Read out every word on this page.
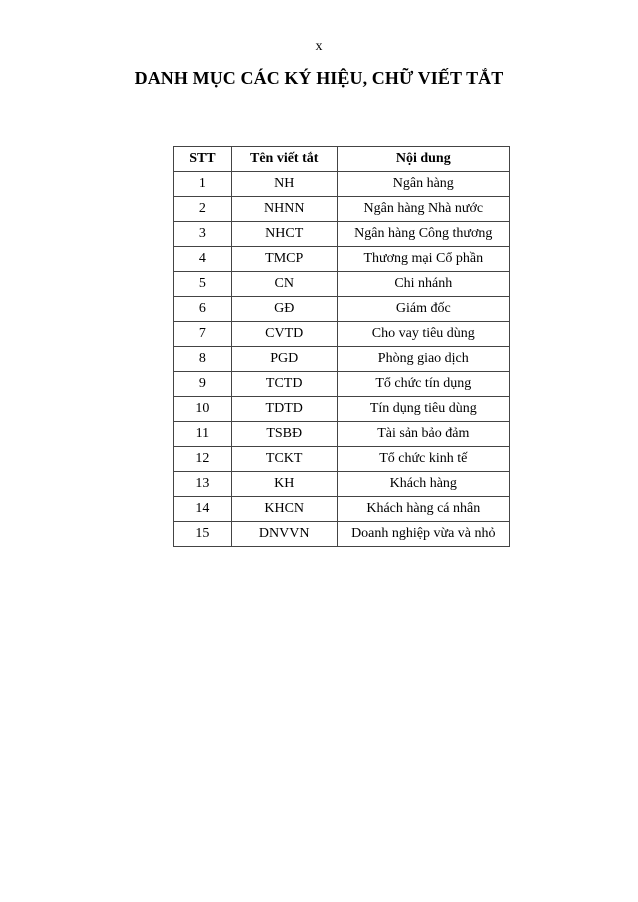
x
DANH MỤC CÁC KÝ HIỆU, CHỮ VIẾT TẮT
STT	Tên viết tắt	Nội dung
1	NH	Ngân hàng
2	NHNN	Ngân hàng Nhà nước
3	NHCT	Ngân hàng Công thương
4	TMCP	Thương mại Cổ phần
5	CN	Chi nhánh
6	GĐ	Giám đốc
7	CVTD	Cho vay tiêu dùng
8	PGD	Phòng giao dịch
9	TCTD	Tổ chức tín dụng
10	TDTD	Tín dụng tiêu dùng
11	TSBĐ	Tài sản bảo đảm
12	TCKT	Tổ chức kinh tế
13	KH	Khách hàng
14	KHCN	Khách hàng cá nhân
15	DNVVN	Doanh nghiệp vừa và nhỏ
